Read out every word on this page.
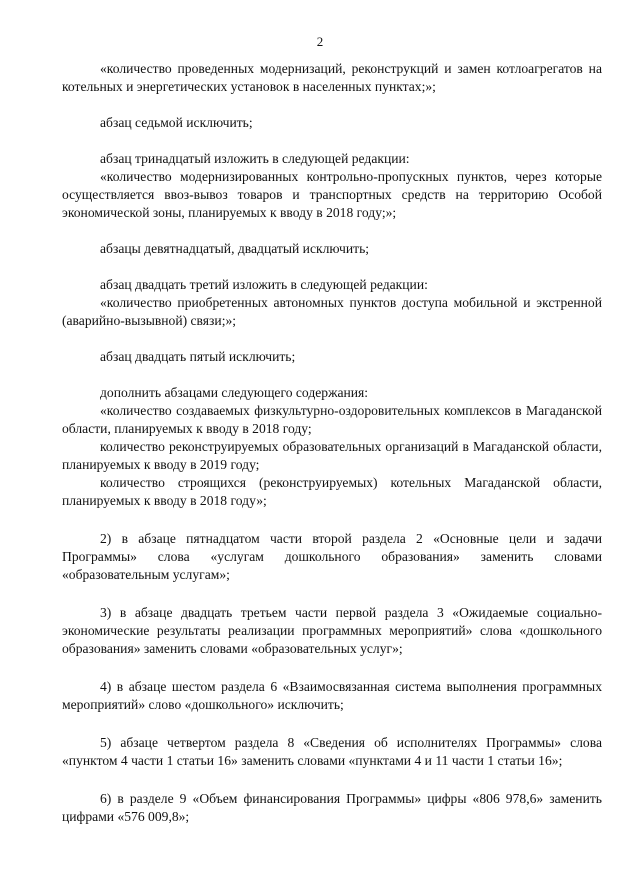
2

«количество проведенных модернизаций, реконструкций и замен котлоагрегатов на котельных и энергетических установок в населенных пунктах;»;

абзац седьмой исключить;

абзац тринадцатый изложить в следующей редакции:

«количество модернизированных контрольно-пропускных пунктов, через которые осуществляется ввоз-вывоз товаров и транспортных средств на территорию Особой экономической зоны, планируемых к вводу в 2018 году;»;

абзацы девятнадцатый, двадцатый исключить;

абзац двадцать третий изложить в следующей редакции:

«количество приобретенных автономных пунктов доступа мобильной и экстренной (аварийно-вызывной) связи;»;

абзац двадцать пятый исключить;

дополнить абзацами следующего содержания:

«количество создаваемых физкультурно-оздоровительных комплексов в Магаданской области, планируемых к вводу в 2018 году;

количество реконструируемых образовательных организаций в Магаданской области, планируемых к вводу в 2019 году;

количество строящихся (реконструируемых) котельных Магаданской области, планируемых к вводу в 2018 году»;

2) в абзаце пятнадцатом части второй раздела 2 «Основные цели и задачи Программы» слова «услугам дошкольного образования» заменить словами «образовательным услугам»;

3) в абзаце двадцать третьем части первой раздела 3 «Ожидаемые социально-экономические результаты реализации программных мероприятий» слова «дошкольного образования» заменить словами «образовательных услуг»;

4) в абзаце шестом раздела 6 «Взаимосвязанная система выполнения программных мероприятий» слово «дошкольного» исключить;

5) абзаце четвертом раздела 8 «Сведения об исполнителях Программы» слова «пунктом 4 части 1 статьи 16» заменить словами «пунктами 4 и 11 части 1 статьи 16»;

6) в разделе 9 «Объем финансирования Программы» цифры «806 978,6» заменить цифрами «576 009,8»;
